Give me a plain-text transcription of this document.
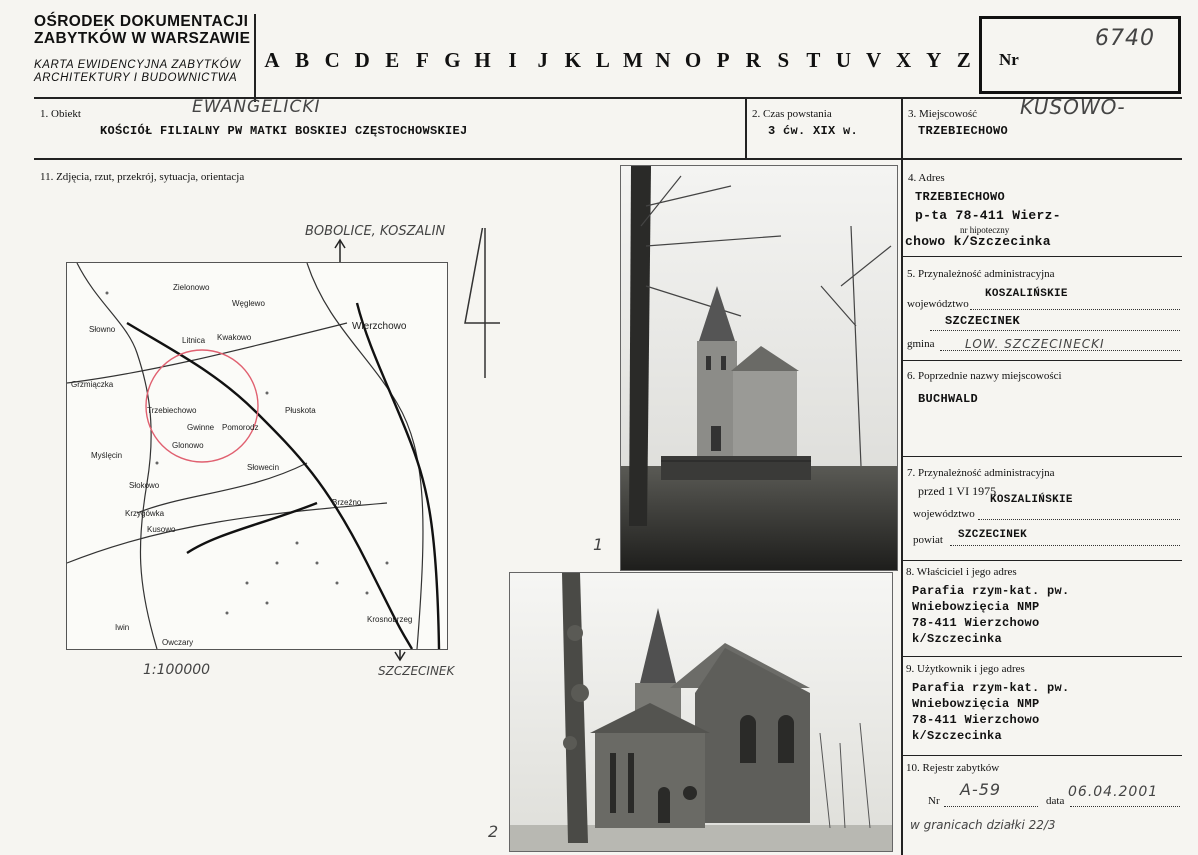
OŚRODEK DOKUMENTACJI
ZABYTKÓW W WARSZAWIE
KARTA EWIDENCYJNA ZABYTKÓW
ARCHITEKTURY I BUDOWNICTWA
A B C D E F G H I J K L M N O P R S T U V X Y Z	Nr
6740
1. Obiekt	EWANGELICKI
KOŚCIÓŁ FILIALNY PW MATKI BOSKIEJ CZĘSTOCHOWSKIEJ
2. Czas powstania
3 ćw. XIX w.
3. Miejscowość KUSOWO-
TRZEBIECHOWO
4. Adres
TRZEBIECHOWO
p-ta 78-411 Wierz-
nr hipoteczny
chowo k/Szczecinka
5. Przynależność administracyjna
województwo
KOSZALIŃSKIE
SZCZECINEK
gmina	LOW. SZCZECINECKI
6. Poprzednie nazwy miejscowości
BUCHWALD
7. Przynależność administracyjna
przed 1 VI 1975
KOSZALIŃSKIE
województwo
powiat SZCZECINEK
8. Właściciel i jego adres
Parafia rzym-kat. pw.
Wniebowzięcia NMP
78-411 Wierzchowo
k/Szczecinka
9. Użytkownik i jego adres
Parafia rzym-kat. pw.
Wniebowzięcia NMP
78-411 Wierzchowo
k/Szczecinka
10. Rejestr zabytków
Nr
A-59
data
06.04.2001
w granicach działki 22/3
11. Zdjęcia, rzut, przekrój, sytuacja, orientacja
BOBOLICE, KOSZALIN
SZCZECINEK
1:100000
Zielonowo
Węglewo
Słowno
Kwakowo
Litnica
Wierzchowo
Grzmiączka
Trzebiechowo
Gwinne Pomorodz
Płuskota
Glonowo
Myślęcin
Słowecin
Brzeźno
Słokowo
Krzygówka
Kusowo
Krosnobrzeg
Owczary
Iwin
1
2
